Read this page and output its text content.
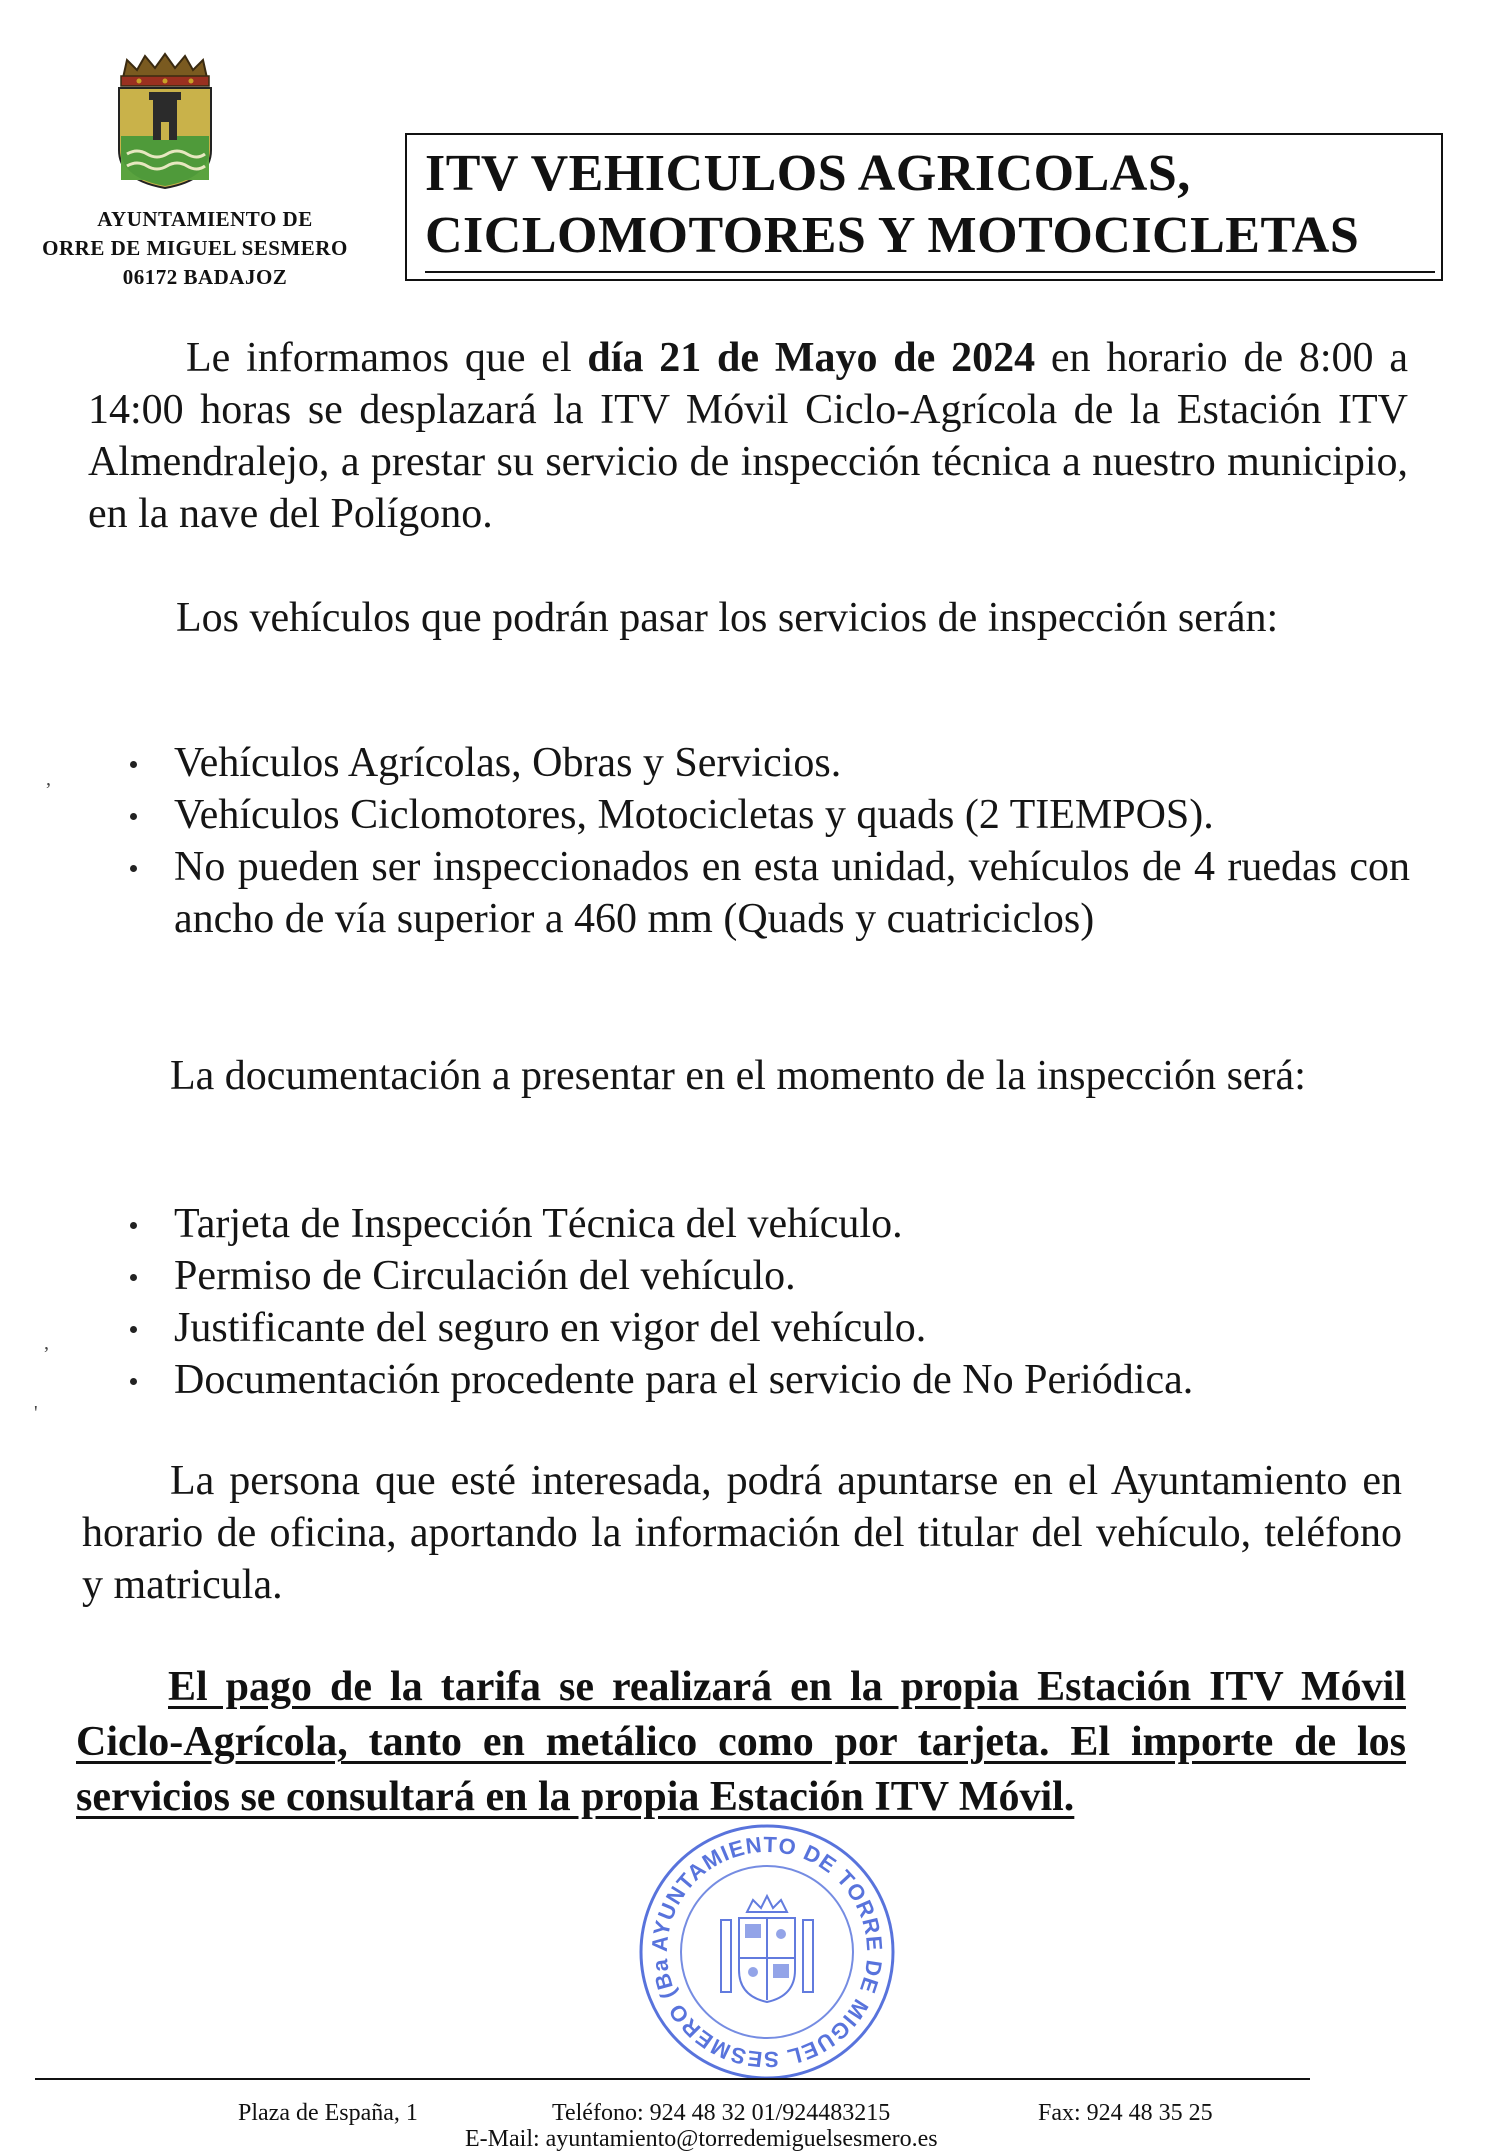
AYUNTAMIENTO DE
ORRE DE MIGUEL SESMERO
06172 BADAJOZ
ITV VEHICULOS AGRICOLAS,
CICLOMOTORES Y MOTOCICLETAS
Le informamos que el día 21 de Mayo de 2024 en horario de 8:00 a 14:00 horas se desplazará la ITV Móvil Ciclo-Agrícola de la Estación ITV Almendralejo, a prestar su servicio de inspección técnica a nuestro municipio, en la nave del Polígono.
Los vehículos que podrán pasar los servicios de inspección serán:
Vehículos Agrícolas, Obras y Servicios.
Vehículos Ciclomotores, Motocicletas y quads (2 TIEMPOS).
No pueden ser inspeccionados en esta unidad, vehículos de 4 ruedas con ancho de vía superior a 460 mm (Quads y cuatriciclos)
La documentación a presentar en el momento de la inspección será:
Tarjeta de Inspección Técnica del vehículo.
Permiso de Circulación del vehículo.
Justificante del seguro en vigor del vehículo.
Documentación procedente para el servicio de No Periódica.
La persona que esté interesada, podrá apuntarse en el Ayuntamiento en horario de oficina, aportando la información del titular del vehículo, teléfono y matricula.
El pago de la tarifa se realizará en la propia Estación ITV Móvil Ciclo-Agrícola, tanto en metálico como por tarjeta. El importe de los servicios se consultará en la propia Estación ITV Móvil.
AYUNTAMIENTO DE TORRE DE MIGUEL SESMERO (Ba
,
,
'
Plaza de España, 1	Teléfono: 924 48 32 01/924483215	Fax: 924 48 35 25
E-Mail: ayuntamiento@torredemiguelsesmero.es
